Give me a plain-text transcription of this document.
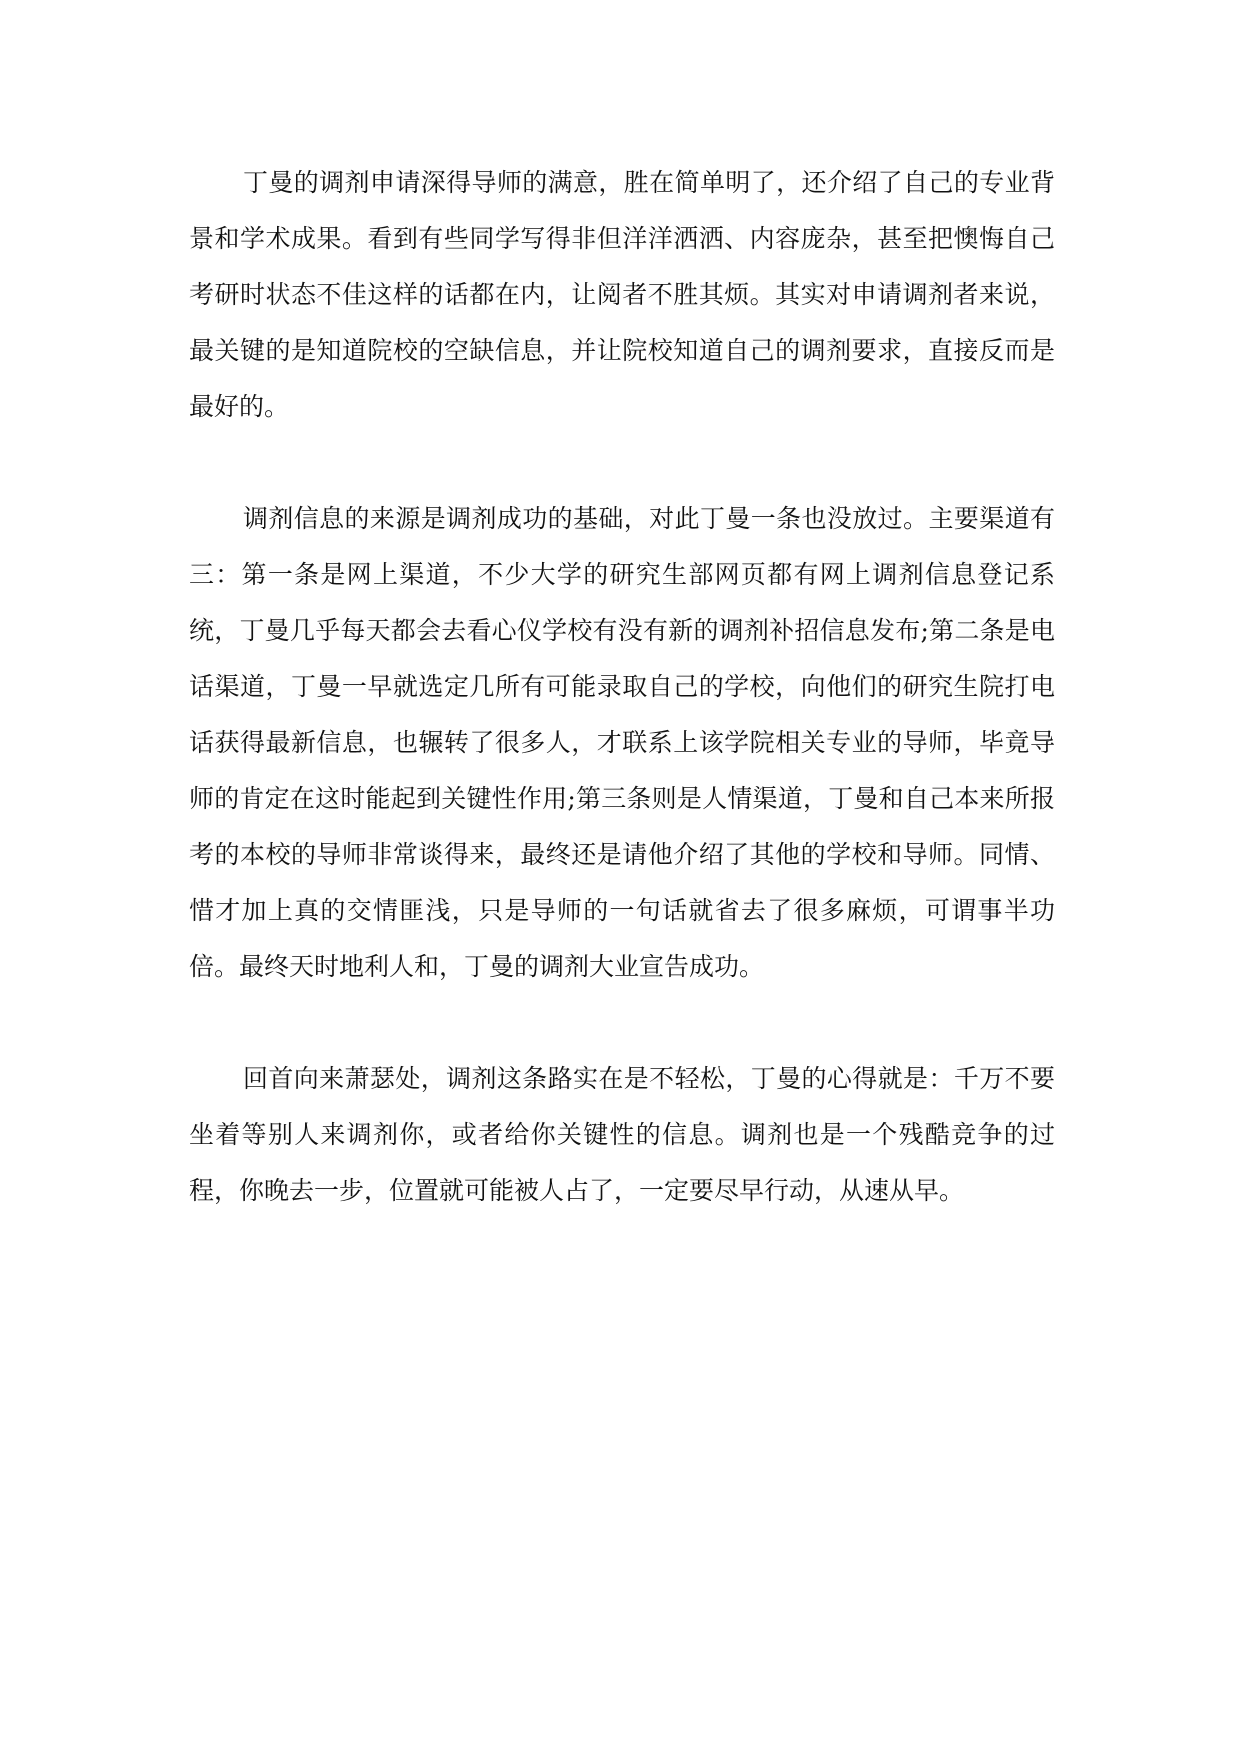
丁曼的调剂申请深得导师的满意，胜在简单明了，还介绍了自己的专业背景和学术成果。看到有些同学写得非但洋洋洒洒、内容庞杂，甚至把懊悔自己考研时状态不佳这样的话都在内，让阅者不胜其烦。其实对申请调剂者来说，最关键的是知道院校的空缺信息，并让院校知道自己的调剂要求，直接反而是最好的。

调剂信息的来源是调剂成功的基础，对此丁曼一条也没放过。主要渠道有三：第一条是网上渠道，不少大学的研究生部网页都有网上调剂信息登记系统，丁曼几乎每天都会去看心仪学校有没有新的调剂补招信息发布;第二条是电话渠道，丁曼一早就选定几所有可能录取自己的学校，向他们的研究生院打电话获得最新信息，也辗转了很多人，才联系上该学院相关专业的导师，毕竟导师的肯定在这时能起到关键性作用;第三条则是人情渠道，丁曼和自己本来所报考的本校的导师非常谈得来，最终还是请他介绍了其他的学校和导师。同情、惜才加上真的交情匪浅，只是导师的一句话就省去了很多麻烦，可谓事半功倍。最终天时地利人和，丁曼的调剂大业宣告成功。

回首向来萧瑟处，调剂这条路实在是不轻松，丁曼的心得就是：千万不要坐着等别人来调剂你，或者给你关键性的信息。调剂也是一个残酷竞争的过程，你晚去一步，位置就可能被人占了，一定要尽早行动，从速从早。
